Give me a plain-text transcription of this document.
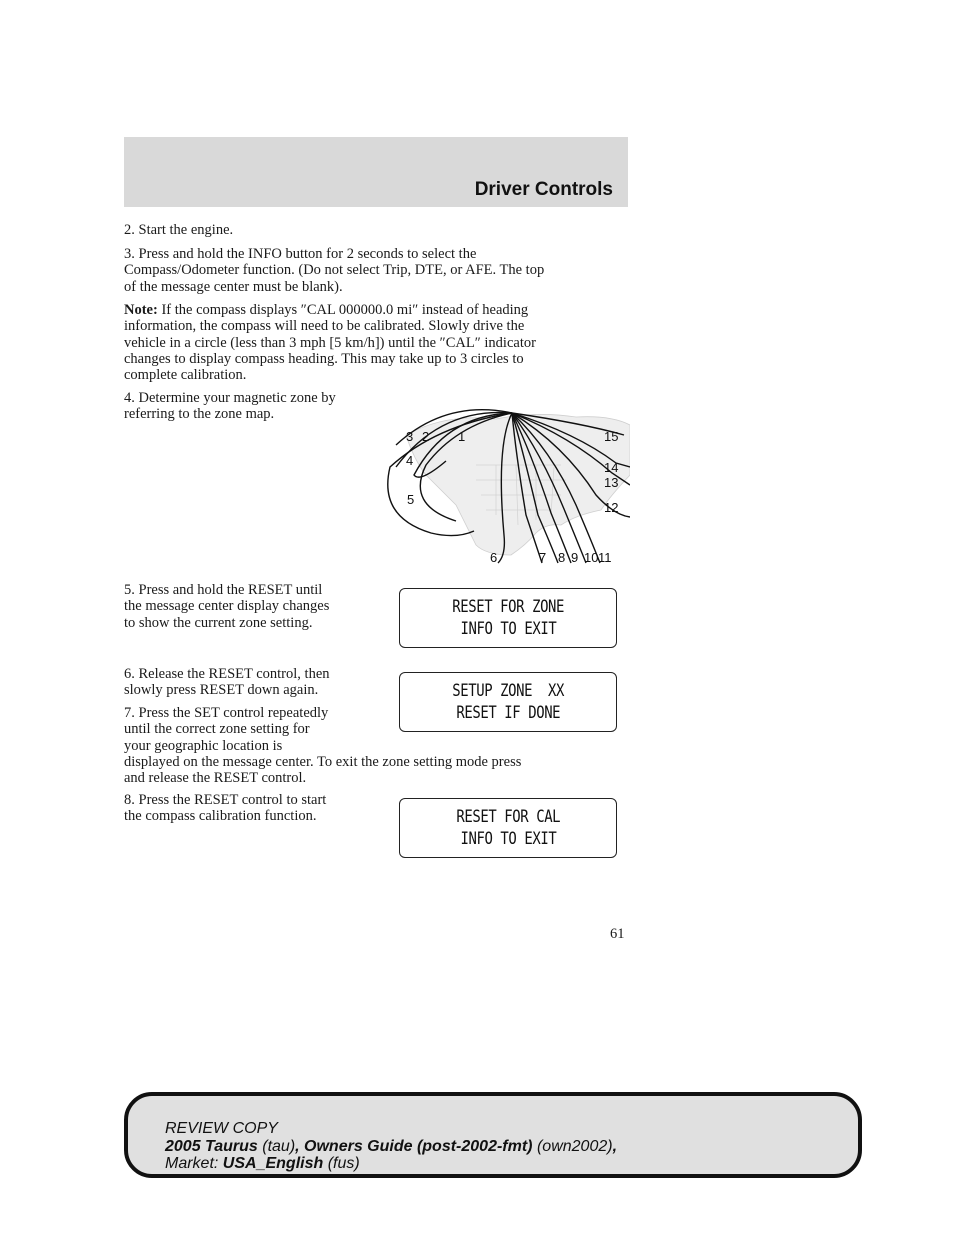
Driver Controls

2. Start the engine.

3. Press and hold the INFO button for 2 seconds to select the
Compass/Odometer function. (Do not select Trip, DTE, or AFE. The top
of the message center must be blank).

Note: If the compass displays ″CAL 000000.0 mi″ instead of heading
information, the compass will need to be calibrated. Slowly drive the
vehicle in a circle (less than 3 mph [5 km/h]) until the ″CAL″ indicator
changes to display compass heading. This may take up to 3 circles to
complete calibration.

4. Determine your magnetic zone by
referring to the zone map.

3 2 1
4
5
6	7 8 9 10 11
12
13
14
15

5. Press and hold the RESET until
the message center display changes
to show the current zone setting.

RESET FOR ZONE
INFO TO EXIT

6. Release the RESET control, then
slowly press RESET down again.	SETUP ZONE  XX
RESET IF DONE

7. Press the SET control repeatedly
until the correct zone setting for
your geographic location is
displayed on the message center. To exit the zone setting mode press
and release the RESET control.

8. Press the RESET control to start
the compass calibration function.	RESET FOR CAL
INFO TO EXIT
61
REVIEW COPY
2005 Taurus (tau), Owners Guide (post-2002-fmt) (own2002),
Market: USA_English (fus)
